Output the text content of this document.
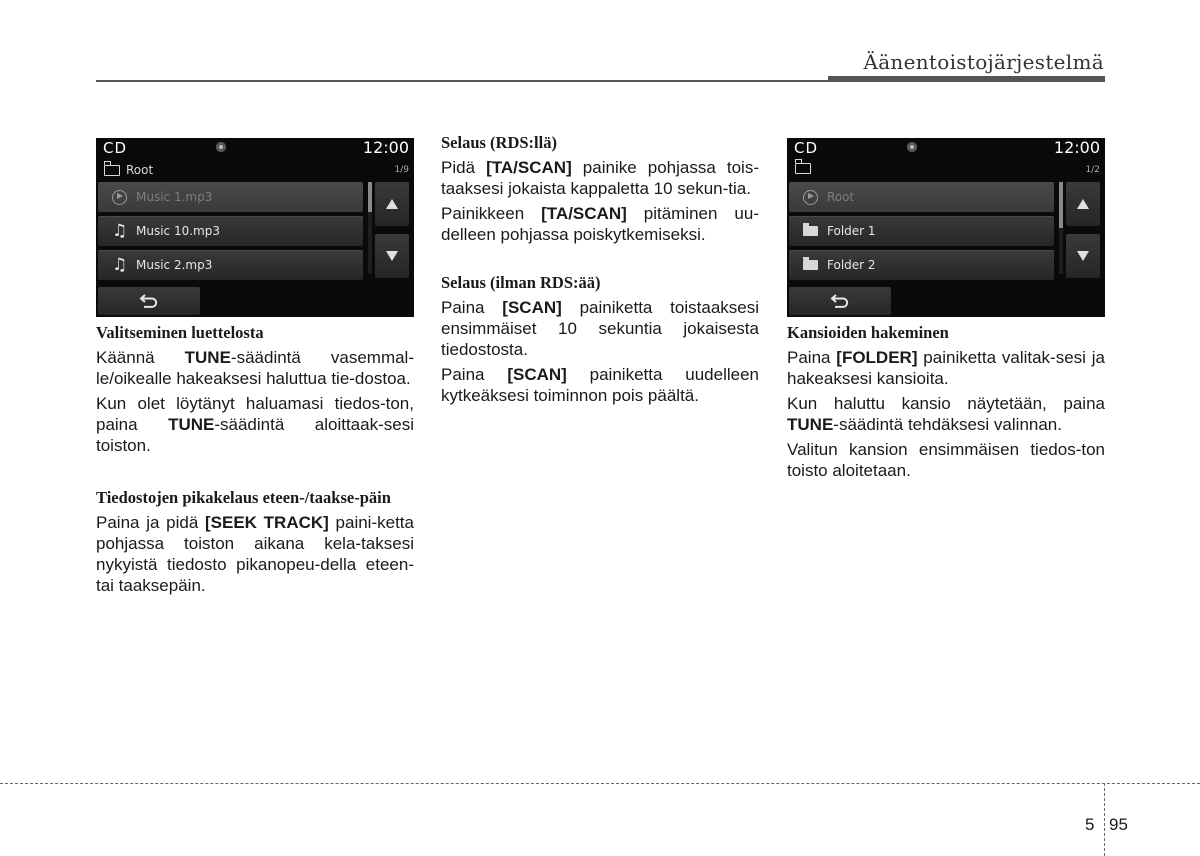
Äänentoistojärjestelmä
CD	12:00
Root	1/9
Music 1.mp3
♫ Music 10.mp3
♫ Music 2.mp3

Valitseminen luettelosta

Käännä TUNE-säädintä vasemmal-le/oikealle hakeaksesi haluttua tie-dostoa.

Kun olet löytänyt haluamasi tiedos-ton, paina TUNE-säädintä aloittaak-sesi toiston.

Tiedostojen pikakelaus eteen-/taakse-päin

Paina ja pidä [SEEK TRACK] paini-ketta pohjassa toiston aikana kela-taksesi nykyistä tiedosto pikanopeu-della eteen- tai taaksepäin.

Selaus (RDS:llä)

Pidä [TA/SCAN] painike pohjassa tois-taaksesi jokaista kappaletta 10 sekun-tia.

Painikkeen [TA/SCAN] pitäminen uu-delleen pohjassa poiskytkemiseksi.

Selaus (ilman RDS:ää)

Paina [SCAN] painiketta toistaaksesi ensimmäiset 10 sekuntia jokaisesta tiedostosta.

Paina [SCAN] painiketta uudelleen kytkeäksesi toiminnon pois päältä.

CD	12:00
1/2
Root
Folder 1
Folder 2

Kansioiden hakeminen

Paina [FOLDER] painiketta valitak-sesi ja hakeaksesi kansioita.

Kun haluttu kansio näytetään, paina TUNE-säädintä tehdäksesi valinnan.

Valitun kansion ensimmäisen tiedos-ton toisto aloitetaan.

5 95
